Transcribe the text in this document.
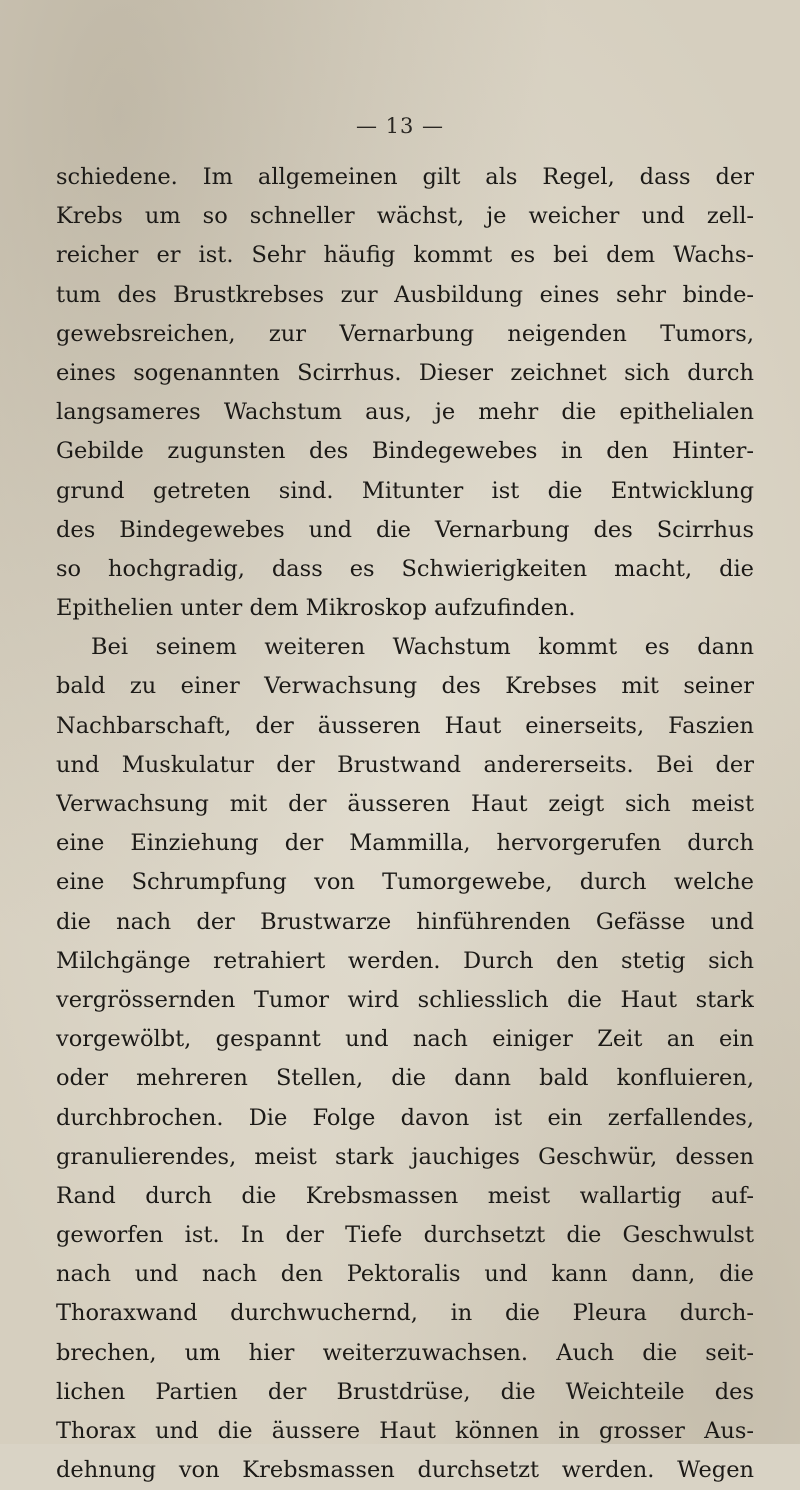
— 13 —
schiedene. Im allgemeinen gilt als Regel, dass der
Krebs um so schneller wächst, je weicher und zell-
reicher er ist. Sehr häufig kommt es bei dem Wachs-
tum des Brustkrebses zur Ausbildung eines sehr binde-
gewebsreichen, zur Vernarbung neigenden Tumors,
eines sogenannten Scirrhus. Dieser zeichnet sich durch
langsameres Wachstum aus, je mehr die epithelialen
Gebilde zugunsten des Bindegewebes in den Hinter-
grund getreten sind. Mitunter ist die Entwicklung
des Bindegewebes und die Vernarbung des Scirrhus
so hochgradig, dass es Schwierigkeiten macht, die
Epithelien unter dem Mikroskop aufzufinden.
Bei seinem weiteren Wachstum kommt es dann
bald zu einer Verwachsung des Krebses mit seiner
Nachbarschaft, der äusseren Haut einerseits, Faszien
und Muskulatur der Brustwand andererseits. Bei der
Verwachsung mit der äusseren Haut zeigt sich meist
eine Einziehung der Mammilla, hervorgerufen durch
eine Schrumpfung von Tumorgewebe, durch welche
die nach der Brustwarze hinführenden Gefässe und
Milchgänge retrahiert werden. Durch den stetig sich
vergrössernden Tumor wird schliesslich die Haut stark
vorgewölbt, gespannt und nach einiger Zeit an ein
oder mehreren Stellen, die dann bald konfluieren,
durchbrochen. Die Folge davon ist ein zerfallendes,
granulierendes, meist stark jauchiges Geschwür, dessen
Rand durch die Krebsmassen meist wallartig auf-
geworfen ist. In der Tiefe durchsetzt die Geschwulst
nach und nach den Pektoralis und kann dann, die
Thoraxwand durchwuchernd, in die Pleura durch-
brechen, um hier weiterzuwachsen. Auch die seit-
lichen Partien der Brustdrüse, die Weichteile des
Thorax und die äussere Haut können in grosser Aus-
dehnung von Krebsmassen durchsetzt werden. Wegen
